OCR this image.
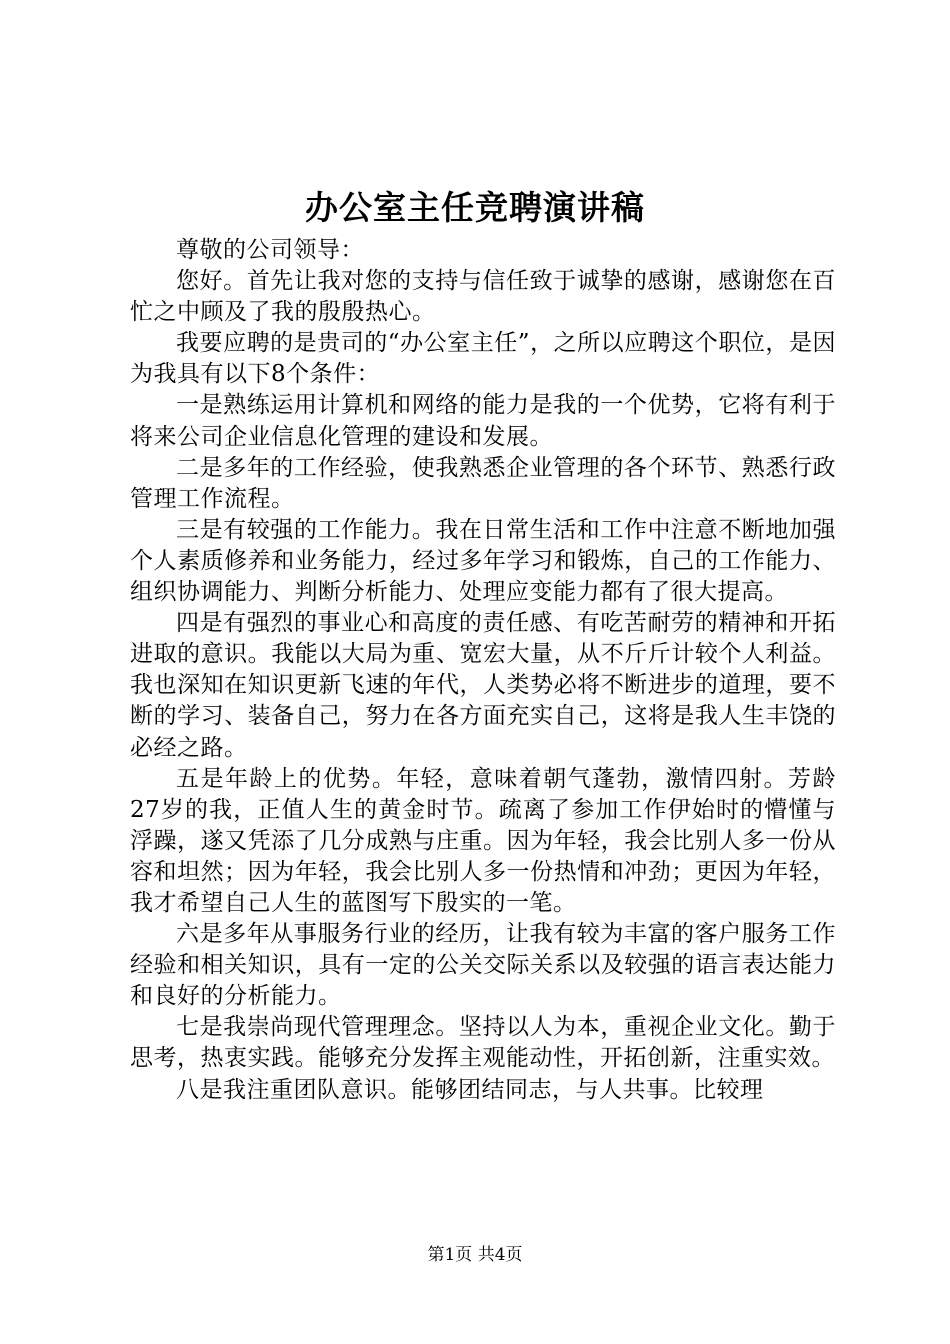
办公室主任竞聘演讲稿

尊敬的公司领导：

您好。首先让我对您的支持与信任致于诚挚的感谢，感谢您在百忙之中顾及了我的殷殷热心。

我要应聘的是贵司的“办公室主任”，之所以应聘这个职位，是因为我具有以下8个条件：

一是熟练运用计算机和网络的能力是我的一个优势，它将有利于将来公司企业信息化管理的建设和发展。

二是多年的工作经验，使我熟悉企业管理的各个环节、熟悉行政管理工作流程。

三是有较强的工作能力。我在日常生活和工作中注意不断地加强个人素质修养和业务能力，经过多年学习和锻炼，自己的工作能力、组织协调能力、判断分析能力、处理应变能力都有了很大提高。

四是有强烈的事业心和高度的责任感、有吃苦耐劳的精神和开拓进取的意识。我能以大局为重、宽宏大量，从不斤斤计较个人利益。我也深知在知识更新飞速的年代，人类势必将不断进步的道理，要不断的学习、装备自己，努力在各方面充实自己，这将是我人生丰饶的必经之路。

五是年龄上的优势。年轻，意味着朝气蓬勃，激情四射。芳龄27岁的我，正值人生的黄金时节。疏离了参加工作伊始时的懵懂与浮躁，遂又凭添了几分成熟与庄重。因为年轻，我会比别人多一份从容和坦然；因为年轻，我会比别人多一份热情和冲劲；更因为年轻，我才希望自己人生的蓝图写下殷实的一笔。

六是多年从事服务行业的经历，让我有较为丰富的客户服务工作经验和相关知识，具有一定的公关交际关系以及较强的语言表达能力和良好的分析能力。

七是我崇尚现代管理理念。坚持以人为本，重视企业文化。勤于思考，热衷实践。能够充分发挥主观能动性，开拓创新，注重实效。

八是我注重团队意识。能够团结同志，与人共事。比较理

第1页 共4页
